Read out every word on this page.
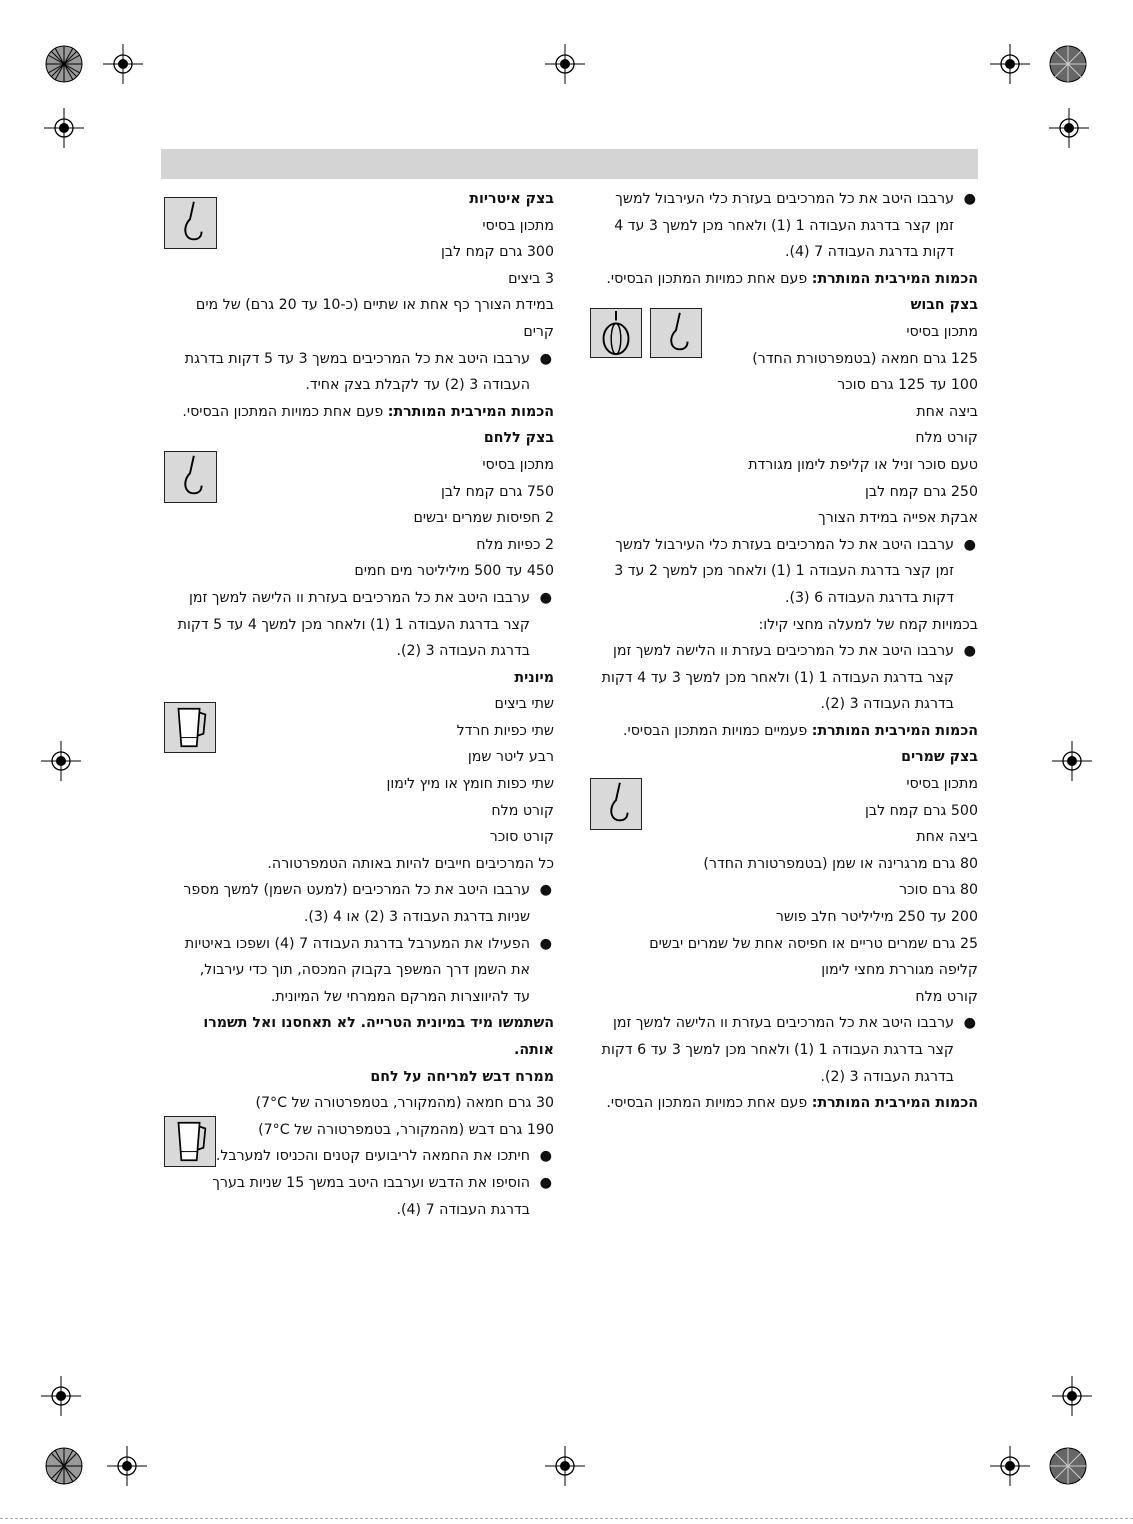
●
ערבבו היטב את כל המרכיבים בעזרת כלי העירבול למשך
זמן קצר בדרגת העבודה 1 (1) ולאחר מכן למשך 3 עד 4
דקות בדרגת העבודה 7 (4).
הכמות המירבית המותרת: פעם אחת כמויות המתכון הבסיסי.
בצק חבוש
מתכון בסיסי
125 גרם חמאה (בטמפרטורת החדר)
100 עד 125 גרם סוכר
ביצה אחת
קורט מלח
טעם סוכר וניל או קליפת לימון מגורדת
250 גרם קמח לבן
אבקת אפייה במידת הצורך
●
ערבבו היטב את כל המרכיבים בעזרת כלי העירבול למשך
זמן קצר בדרגת העבודה 1 (1) ולאחר מכן למשך 2 עד 3
דקות בדרגת העבודה 6 (3).
בכמויות קמח של למעלה מחצי קילו:
●
ערבבו היטב את כל המרכיבים בעזרת וו הלישה למשך זמן
קצר בדרגת העבודה 1 (1) ולאחר מכן למשך 3 עד 4 דקות
בדרגת העבודה 3 (2).
הכמות המירבית המותרת: פעמיים כמויות המתכון הבסיסי.
בצק שמרים
מתכון בסיסי
500 גרם קמח לבן
ביצה אחת
80 גרם מרגרינה או שמן (בטמפרטורת החדר)
80 גרם סוכר
200 עד 250 מיליליטר חלב פושר
25 גרם שמרים טריים או חפיסה אחת של שמרים יבשים
קליפה מגוררת מחצי לימון
קורט מלח
●
ערבבו היטב את כל המרכיבים בעזרת וו הלישה למשך זמן
קצר בדרגת העבודה 1 (1) ולאחר מכן למשך 3 עד 6 דקות
בדרגת העבודה 3 (2).
הכמות המירבית המותרת: פעם אחת כמויות המתכון הבסיסי.
בצק איטריות
מתכון בסיסי
300 גרם קמח לבן
3 ביצים
במידת הצורך כף אחת או שתיים (כ-10 עד 20 גרם) של מים
קרים
●
ערבבו היטב את כל המרכיבים במשך 3 עד 5 דקות בדרגת
העבודה 3 (2) עד לקבלת בצק אחיד.
הכמות המירבית המותרת: פעם אחת כמויות המתכון הבסיסי.
בצק ללחם
מתכון בסיסי
750 גרם קמח לבן
2 חפיסות שמרים יבשים
2 כפיות מלח
450 עד 500 מיליליטר מים חמים
●
ערבבו היטב את כל המרכיבים בעזרת וו הלישה למשך זמן
קצר בדרגת העבודה 1 (1) ולאחר מכן למשך 4 עד 5 דקות
בדרגת העבודה 3 (2).
מיונית
שתי ביצים
שתי כפיות חרדל
רבע ליטר שמן
שתי כפות חומץ או מיץ לימון
קורט מלח
קורט סוכר
כל המרכיבים חייבים להיות באותה הטמפרטורה.
●
ערבבו היטב את כל המרכיבים (למעט השמן) למשך מספר
שניות בדרגת העבודה 3 (2) או 4 (3).
●
הפעילו את המערבל בדרגת העבודה 7 (4) ושפכו באיטיות
את השמן דרך המשפך בקבוק המכסה, תוך כדי עירבול,
עד להיווצרות המרקם הממרחי של המיונית.
השתמשו מיד במיונית הטרייה. לא תאחסנו ואל תשמרו
אותה.
ממרח דבש למריחה על לחם
30 גרם חמאה (מהמקורר, בטמפרטורה של 7°C)
190 גרם דבש (מהמקורר, בטמפרטורה של 7°C)
●
חיתכו את החמאה לריבועים קטנים והכניסו למערבל.
●
הוסיפו את הדבש וערבבו היטב במשך 15 שניות בערך
בדרגת העבודה 7 (4).
